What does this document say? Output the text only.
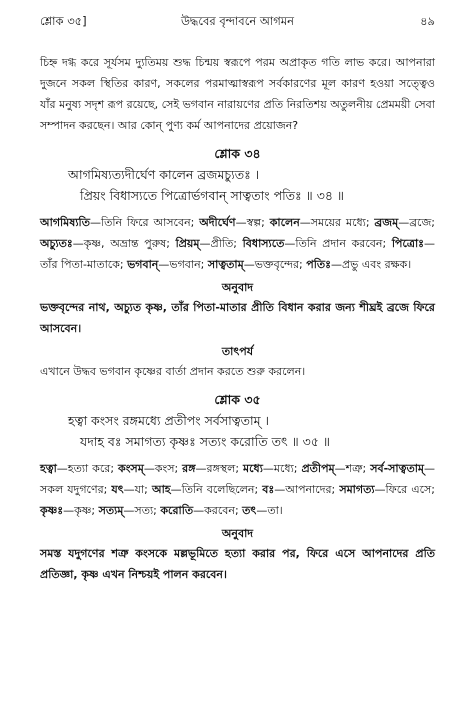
শ্লোক ৩৫]	উদ্ধবের বৃন্দাবনে আগমন	৪৯

চিহ্ন দগ্ধ করে সূর্যসম দ্যুতিময় শুদ্ধ চিন্ময় স্বরূপে পরম অপ্রাকৃত গতি লাভ করে। আপনারা দুজনে সকল স্থিতির কারণ, সকলের পরমাত্মাস্বরূপ সর্বকারণের মূল কারণ হওয়া সত্ত্বেও যাঁর মনুষ্য সদৃশ রূপ রয়েছে, সেই ভগবান নারায়ণের প্রতি নিরতিশয় অতুলনীয় প্রেমময়ী সেবা সম্পাদন করছেন। আর কোন্ পুণ্য কর্ম আপনাদের প্রয়োজন?

শ্লোক ৩৪
আগমিষ্যত্যদীর্ঘেণ কালেন ব্রজমচ্যুতঃ ।
প্রিয়ং বিধাস্যতে পিত্রোর্ভগবান্ সাত্বতাং পতিঃ ॥ ৩৪ ॥

আগমিষ্যতি—তিনি ফিরে আসবেন; অদীর্ঘেণ—স্বল্প; কালেন—সময়ের মধ্যে; ব্রজম্—ব্রজে; অচ্যুতঃ—কৃষ্ণ, অভ্রান্ত পুরুষ; প্রিয়ম্—প্রীতি; বিধাস্যতে—তিনি প্রদান করবেন; পিত্রোঃ—তাঁর পিতা-মাতাকে; ভগবান্—ভগবান; সাত্বতাম্—ভক্তবৃন্দের; পতিঃ—প্রভু এবং রক্ষক।

অনুবাদ

ভক্তবৃন্দের নাথ, অচ্যুত কৃষ্ণ, তাঁর পিতা-মাতার প্রীতি বিধান করার জন্য শীঘ্রই ব্রজে ফিরে আসবেন।

তাৎপর্য

এখানে উদ্ধব ভগবান কৃষ্ণের বার্তা প্রদান করতে শুরু করলেন।

শ্লোক ৩৫
হত্বা কংসং রঙ্গমধ্যে প্রতীপং সর্বসাত্বতাম্ ।
যদাহ বঃ সমাগত্য কৃষ্ণঃ সত্যং করোতি তৎ ॥ ৩৫ ॥

হত্বা—হত্যা করে; কংসম্—কংস; রঙ্গ—রঙ্গস্থল; মধ্যে—মধ্যে; প্রতীপম্—শত্রু; সর্ব-সাত্বতাম্—সকল যদুগণের; যৎ—যা; আহ—তিনি বলেছিলেন; বঃ—আপনাদের; সমাগত্য—ফিরে এসে; কৃষ্ণঃ—কৃষ্ণ; সত্যম্—সত্য; করোতি—করবেন; তৎ—তা।

অনুবাদ

সমস্ত যদুগণের শত্রু কংসকে মল্লভূমিতে হত্যা করার পর, ফিরে এসে আপনাদের প্রতি প্রতিজ্ঞা, কৃষ্ণ এখন নিশ্চয়ই পালন করবেন।
